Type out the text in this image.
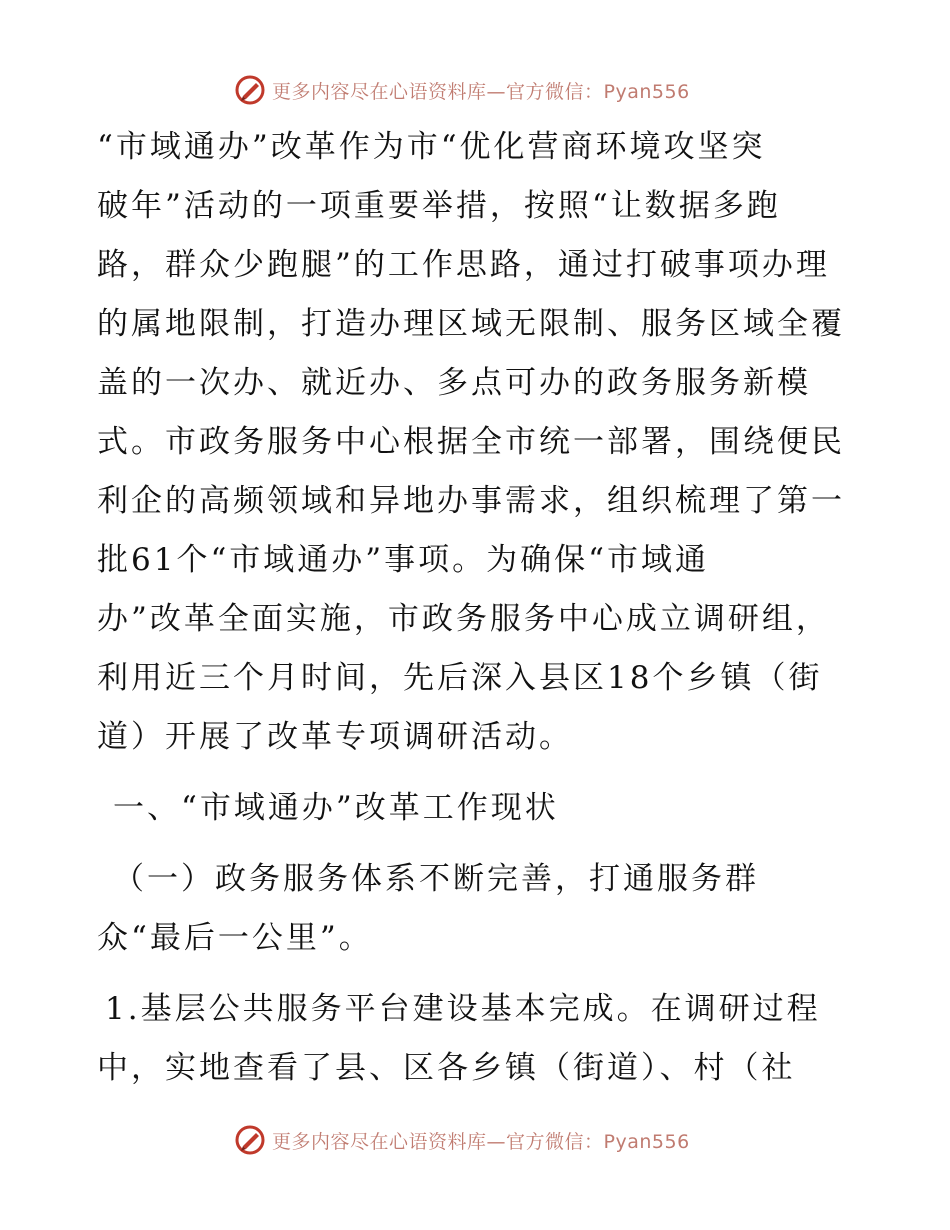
更多内容尽在心语资料库—官方微信：Pyan556
“市域通办”改革作为市“优化营商环境攻坚突
破年”活动的一项重要举措，按照“让数据多跑
路，群众少跑腿”的工作思路，通过打破事项办理
的属地限制，打造办理区域无限制、服务区域全覆
盖的一次办、就近办、多点可办的政务服务新模
式。市政务服务中心根据全市统一部署，围绕便民
利企的高频领域和异地办事需求，组织梳理了第一
批61个“市域通办”事项。为确保“市域通
办”改革全面实施，市政务服务中心成立调研组，
利用近三个月时间，先后深入县区18个乡镇（街
道）开展了改革专项调研活动。
一、“市域通办”改革工作现状
（一）政务服务体系不断完善，打通服务群
众“最后一公里”。
1.基层公共服务平台建设基本完成。在调研过程
中，实地查看了县、区各乡镇（街道）、村（社
更多内容尽在心语资料库—官方微信：Pyan556
